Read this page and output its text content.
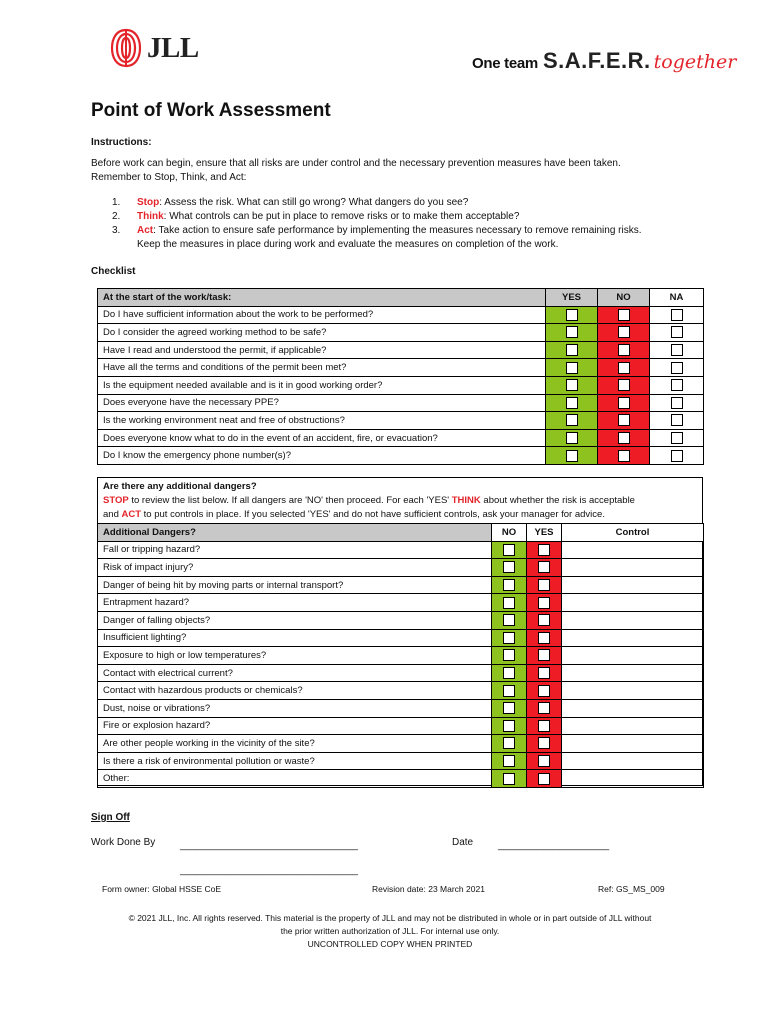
JLL	One team S.A.F.E.R. together
Point of Work Assessment
Instructions:
Before work can begin, ensure that all risks are under control and the necessary prevention measures have been taken.
Remember to Stop, Think, and Act:
1. Stop: Assess the risk. What can still go wrong? What dangers do you see?
2. Think: What controls can be put in place to remove risks or to make them acceptable?
3. Act: Take action to ensure safe performance by implementing the measures necessary to remove remaining risks.
Keep the measures in place during work and evaluate the measures on completion of the work.
Checklist
At the start of the work/task:	YES	NO	NA
Do I have sufficient information about the work to be performed?			
Do I consider the agreed working method to be safe?			
Have I read and understood the permit, if applicable?			
Have all the terms and conditions of the permit been met?			
Is the equipment needed available and is it in good working order?			
Does everyone have the necessary PPE?			
Is the working environment neat and free of obstructions?			
Does everyone know what to do in the event of an accident, fire, or evacuation?			
Do I know the emergency phone number(s)?			
Are there any additional dangers?
STOP to review the list below. If all dangers are 'NO' then proceed. For each 'YES' THINK about whether the risk is acceptable
and ACT to put controls in place. If you selected 'YES' and do not have sufficient controls, ask your manager for advice.
Additional Dangers?	NO	YES	Control
Fall or tripping hazard?			
Risk of impact injury?			
Danger of being hit by moving parts or internal transport?			
Entrapment hazard?			
Danger of falling objects?			
Insufficient lighting?			
Exposure to high or low temperatures?			
Contact with electrical current?			
Contact with hazardous products or chemicals?			
Dust, noise or vibrations?			
Fire or explosion hazard?			
Are other people working in the vicinity of the site?			
Is there a risk of environmental pollution or waste?			
Other:			
Sign Off
Work Done By ________________________________	Date ____________________
________________________________
Form owner: Global HSSE CoE	Revision date: 23 March 2021	Ref: GS_MS_009
© 2021 JLL, Inc. All rights reserved. This material is the property of JLL and may not be distributed in whole or in part outside of JLL without
the prior written authorization of JLL. For internal use only.
UNCONTROLLED COPY WHEN PRINTED
